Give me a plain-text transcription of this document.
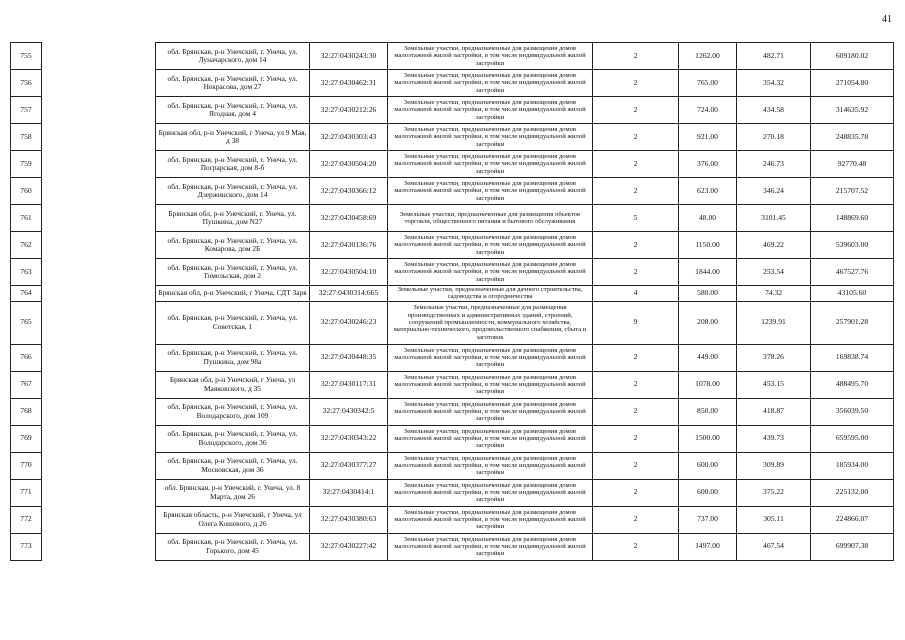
41
755		обл. Брянская, р-н Унечский, г. Унеча, ул. Луначарского, дом 14	32:27:0430243:30	Земельные участки, предназначенные для размещения домов малоэтажной жилой застройки, в том числе индивидуальной жилой застройки	2	1262.00	482.71	609180.02
756		обл. Брянская, р-н Унечский, г. Унеча, ул. Некрасова, дом 27	32:27:0430462:31	Земельные участки, предназначенные для размещения домов малоэтажной жилой застройки, в том числе индивидуальной жилой застройки	2	765.00	354.32	271054.80
757		обл. Брянская, р-н Унечский, г. Унеча, ул. Ягодная, дом 4	32:27:0430212:26	Земельные участки, предназначенные для размещения домов малоэтажной жилой застройки, в том числе индивидуальной жилой застройки	2	724.00	434.58	314635.92
758		Брянская обл, р-н Унечский, г Унеча, ул 9 Мая, д 38	32:27:0430303:43	Земельные участки, предназначенные для размещения домов малоэтажной жилой застройки, в том числе индивидуальной жилой застройки	2	921.00	270.18	248835.78
759		обл. Брянская, р-н Унечский, г. Унеча, ул. Пограрская, дом 8-б	32:27:0430504:20	Земельные участки, предназначенные для размещения домов малоэтажной жилой застройки, в том числе индивидуальной жилой застройки	2	376.00	246.73	92770.48
760		обл. Брянская, р-н Унечский, г. Унеча, ул. Дзержинского, дом 14	32:27:0430366:12	Земельные участки, предназначенные для размещения домов малоэтажной жилой застройки, в том числе индивидуальной жилой застройки	2	623.00	346.24	215707.52
761		Брянская обл, р-н Унечский, г. Унеча, ул. Пушкина, дом N27	32:27:0430458:69	Земельные участки, предназначенные для размещения объектов торговли, общественного питания и бытового обслуживания	5	48.00	3101.45	148869.60
762		обл. Брянская, р-н Унечский, г. Унеча, ул. Комарова, дом 2Б	32:27:0430136:76	Земельные участки, предназначенные для размещения домов малоэтажной жилой застройки, в том числе индивидуальной жилой застройки	2	1150.00	469.22	539603.00
763		обл. Брянская, р-н Унечский, г. Унеча, ул. Гомельская, дом 2	32:27:0430504:10	Земельные участки, предназначенные для размещения домов малоэтажной жилой застройки, в том числе индивидуальной жилой застройки	2	1844.00	253.54	467527.76
764		Брянская обл, р-н Унечский, г Унеча, СДТ Заря	32:27:0430314:665	Земельные участки, предназначенные для дачного строительства, садоводства и огородничества	4	580.00	74.32	43105.60
765		обл. Брянская, р-н Унечский, г. Унеча, ул. Советская, 1	32:27:0430246:23	Земельные участки, предназначенные для размещения производственных и административных зданий, строений, сооружений промышленности, коммунального хозяйства, материально-технического, продовольственного снабжения, сбыта и заготовок	9	208.00	1239.91	257901.28
766		обл. Брянская, р-н Унечский, г. Унеча, ул. Пушкина, дом 98а	32:27:0430448:35	Земельные участки, предназначенные для размещения домов малоэтажной жилой застройки, в том числе индивидуальной жилой застройки	2	449.00	378.26	169838.74
767		Брянская обл, р-н Унечский, г Унеча, ул Маяковского, д 35	32:27:0430117:31	Земельные участки, предназначенные для размещения домов малоэтажной жилой застройки, в том числе индивидуальной жилой застройки	2	1078.00	453.15	488495.70
768		обл. Брянская, р-н Унечский, г. Унеча, ул. Володарского, дом 109	32:27:0430342:5	Земельные участки, предназначенные для размещения домов малоэтажной жилой застройки, в том числе индивидуальной жилой застройки	2	850.00	418.87	356039.50
769		обл. Брянская, р-н Унечский, г. Унеча, ул. Володарского, дом 36	32:27:0430343:22	Земельные участки, предназначенные для размещения домов малоэтажной жилой застройки, в том числе индивидуальной жилой застройки	2	1500.00	439.73	659595.00
770		обл. Брянская, р-н Унечский, г. Унеча, ул. Московская, дом 36	32:27:0430377:27	Земельные участки, предназначенные для размещения домов малоэтажной жилой застройки, в том числе индивидуальной жилой застройки	2	600.00	309.89	185934.00
771		обл. Брянская, р-н Унечский, г. Унеча, ул. 8 Марта, дом 26	32:27:0430414:1	Земельные участки, предназначенные для размещения домов малоэтажной жилой застройки, в том числе индивидуальной жилой застройки	2	600.00	375.22	225132.00
772		Брянская область, р-н Унечский, г Унеча, ул Олега Кошевого, д 26	32:27:0430380:63	Земельные участки, предназначенные для размещения домов малоэтажной жилой застройки, в том числе индивидуальной жилой застройки	2	737.00	305.11	224866.07
773		обл. Брянская, р-н Унечский, г. Унеча, ул. Горького, дом 45	32:27:0430227:42	Земельные участки, предназначенные для размещения домов малоэтажной жилой застройки, в том числе индивидуальной жилой застройки	2	1497.00	467.54	699907.38
